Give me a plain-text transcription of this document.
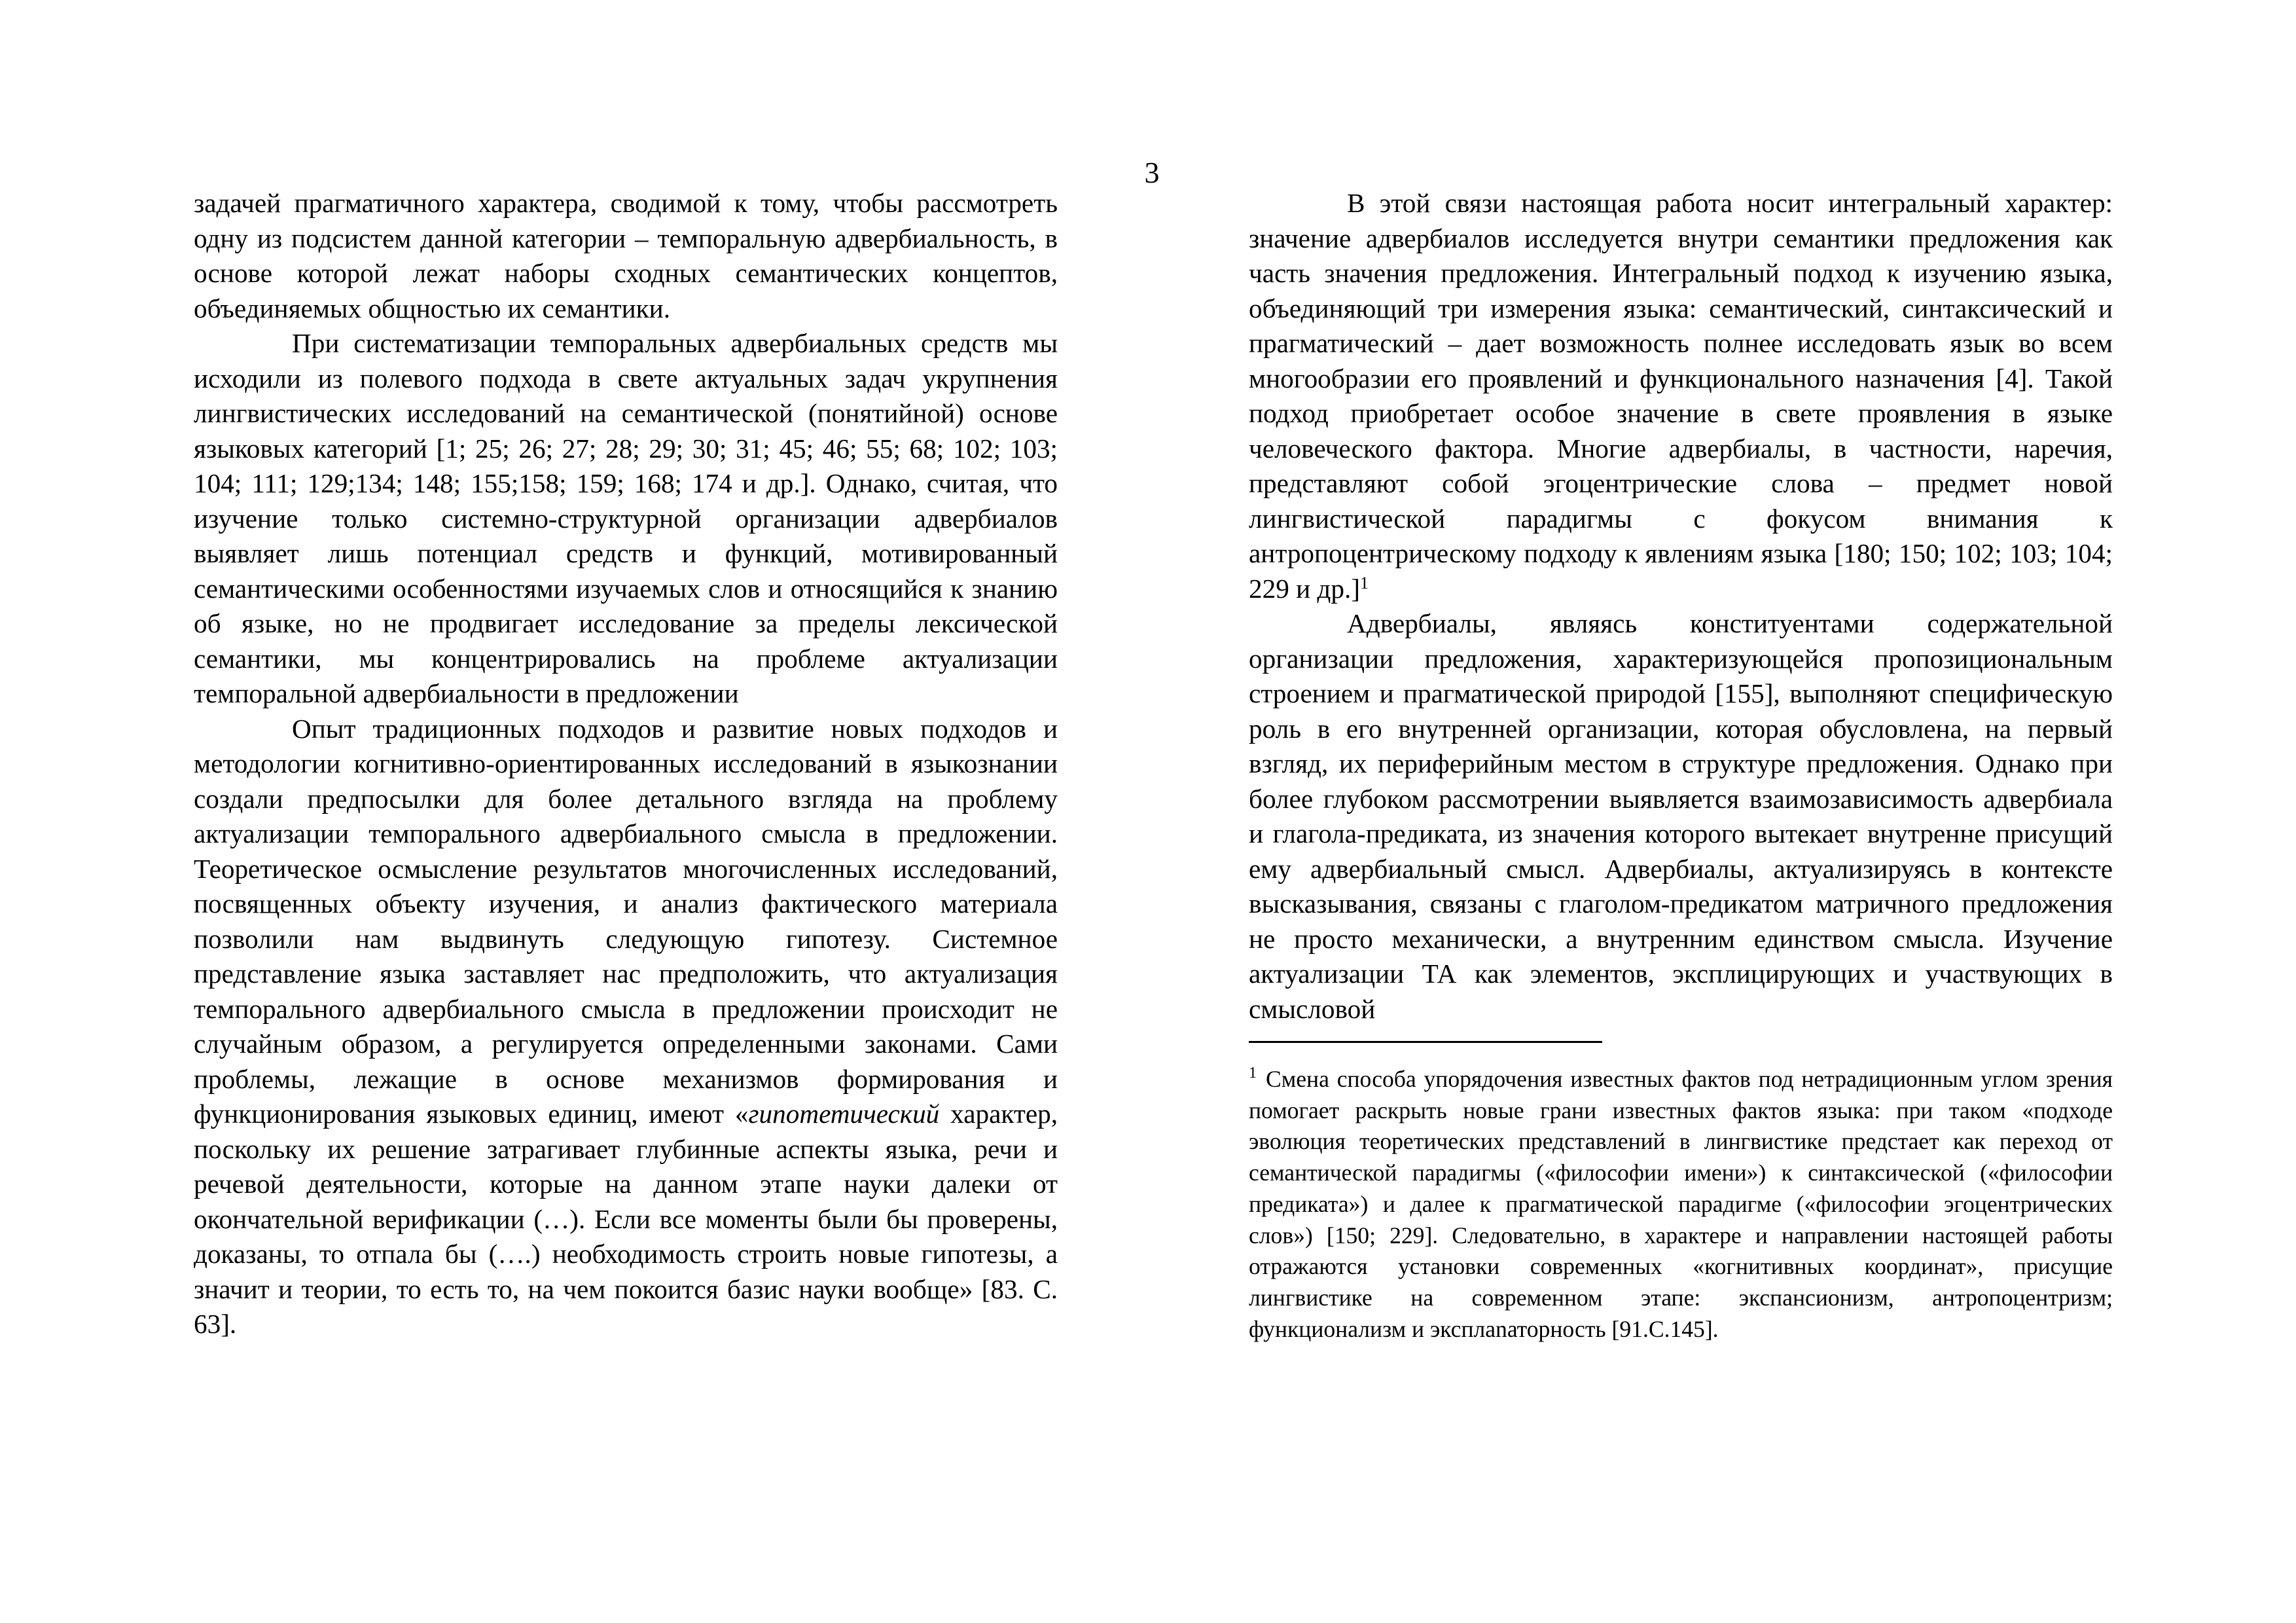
3

задачей прагматичного характера, сводимой к тому, чтобы рассмотреть одну из подсистем данной категории – темпоральную адвербиальность, в основе которой лежат наборы сходных семантических концептов, объединяемых общностью их семантики.

При систематизации темпоральных адвербиальных средств мы исходили из полевого подхода в свете актуальных задач укрупнения лингвистических исследований на семантической (понятийной) основе языковых категорий [1; 25; 26; 27; 28; 29; 30; 31; 45; 46; 55; 68; 102; 103; 104; 111; 129;134; 148; 155;158; 159; 168; 174 и др.]. Однако, считая, что изучение только системно-структурной организации адвербиалов выявляет лишь потенциал средств и функций, мотивированный семантическими особенностями изучаемых слов и относящийся к знанию об языке, но не продвигает исследование за пределы лексической семантики, мы концентрировались на проблеме актуализации темпоральной адвербиальности в предложении

Опыт традиционных подходов и развитие новых подходов и методологии когнитивно-ориентированных исследований в языкознании создали предпосылки для более детального взгляда на проблему актуализации темпорального адвербиального смысла в предложении. Теоретическое осмысление результатов многочисленных исследований, посвященных объекту изучения, и анализ фактического материала позволили нам выдвинуть следующую гипотезу. Системное представление языка заставляет нас предположить, что актуализация темпорального адвербиального смысла в предложении происходит не случайным образом, а регулируется определенными законами. Сами проблемы, лежащие в основе механизмов формирования и функционирования языковых единиц, имеют «гипотетический характер, поскольку их решение затрагивает глубинные аспекты языка, речи и речевой деятельности, которые на данном этапе науки далеки от окончательной верификации (…). Если все моменты были бы проверены, доказаны, то отпала бы (….) необходимость строить новые гипотезы, а значит и теории, то есть то, на чем покоится базис науки вообще» [83. С. 63].

В этой связи настоящая работа носит интегральный характер: значение адвербиалов исследуется внутри семантики предложения как часть значения предложения. Интегральный подход к изучению языка, объединяющий три измерения языка: семантический, синтаксический и прагматический – дает возможность полнее исследовать язык во всем многообразии его проявлений и функционального назначения [4]. Такой подход приобретает особое значение в свете проявления в языке человеческого фактора. Многие адвербиалы, в частности, наречия, представляют собой эгоцентрические слова – предмет новой лингвистической парадигмы с фокусом внимания к антропоцентрическому подходу к явлениям языка [180; 150; 102; 103; 104; 229 и др.]$^1$

Адвербиалы, являясь конституентами содержательной организации предложения, характеризующейся пропозициональным строением и прагматической природой [155], выполняют специфическую роль в его внутренней организации, которая обусловлена, на первый взгляд, их периферийным местом в структуре предложения. Однако при более глубоком рассмотрении выявляется взаимозависимость адвербиала и глагола-предиката, из значения которого вытекает внутренне присущий ему адвербиальный смысл. Адвербиалы, актуализируясь в контексте высказывания, связаны с глаголом-предикатом матричного предложения не просто механически, а внутренним единством смысла. Изучение актуализации ТА как элементов, эксплицирующих и участвующих в смысловой

$^1$ Смена способа упорядочения известных фактов под нетрадиционным углом зрения помогает раскрыть новые грани известных фактов языка: при таком «подходе эволюция теоретических представлений в лингвистике предстает как переход от семантической парадигмы («философии имени») к синтаксической («философии предиката») и далее к прагматической парадигме («философии эгоцентрических слов») [150; 229]. Следовательно, в характере и направлении настоящей работы отражаются установки современных «когнитивных координат», присущие лингвистике на современном этапе: экспансионизм, антропоцентризм; функционализм и эксплanаторность [91.С.145].
